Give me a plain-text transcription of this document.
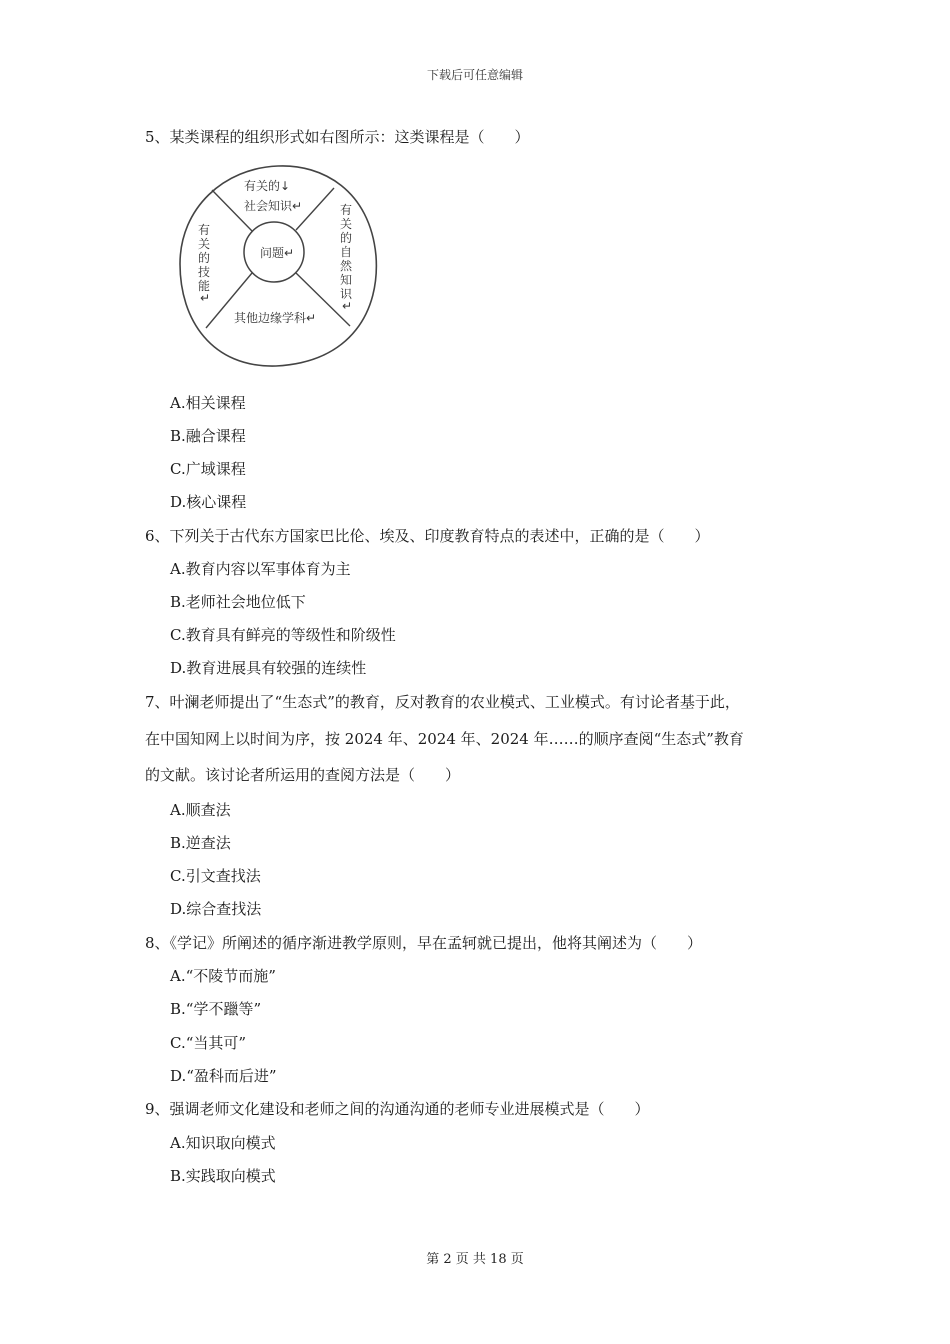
下载后可任意编辑
5、某类课程的组织形式如右图所示：这类课程是（　　）
问题↵
有关的↓
社会知识↵
其他边缘学科↵
有
关
的
自
然
知
识
↵
有
关
的
技
能
↵
A.相关课程
B.融合课程
C.广域课程
D.核心课程
6、下列关于古代东方国家巴比伦、埃及、印度教育特点的表述中，正确的是（　　）
A.教育内容以军事体育为主
B.老师社会地位低下
C.教育具有鲜亮的等级性和阶级性
D.教育进展具有较强的连续性
7、叶澜老师提出了“生态式”的教育，反对教育的农业模式、工业模式。有讨论者基于此，
在中国知网上以时间为序，按 2024 年、2024 年、2024 年……的顺序查阅“生态式”教育
的文献。该讨论者所运用的查阅方法是（　　）
A.顺查法
B.逆查法
C.引文查找法
D.综合查找法
8、《学记》所阐述的循序渐进教学原则，早在孟轲就已提出，他将其阐述为（　　）
A.“不陵节而施”
B.“学不躐等”
C.“当其可”
D.“盈科而后进”
9、强调老师文化建设和老师之间的沟通沟通的老师专业进展模式是（　　）
A.知识取向模式
B.实践取向模式
第 2 页 共 18 页
